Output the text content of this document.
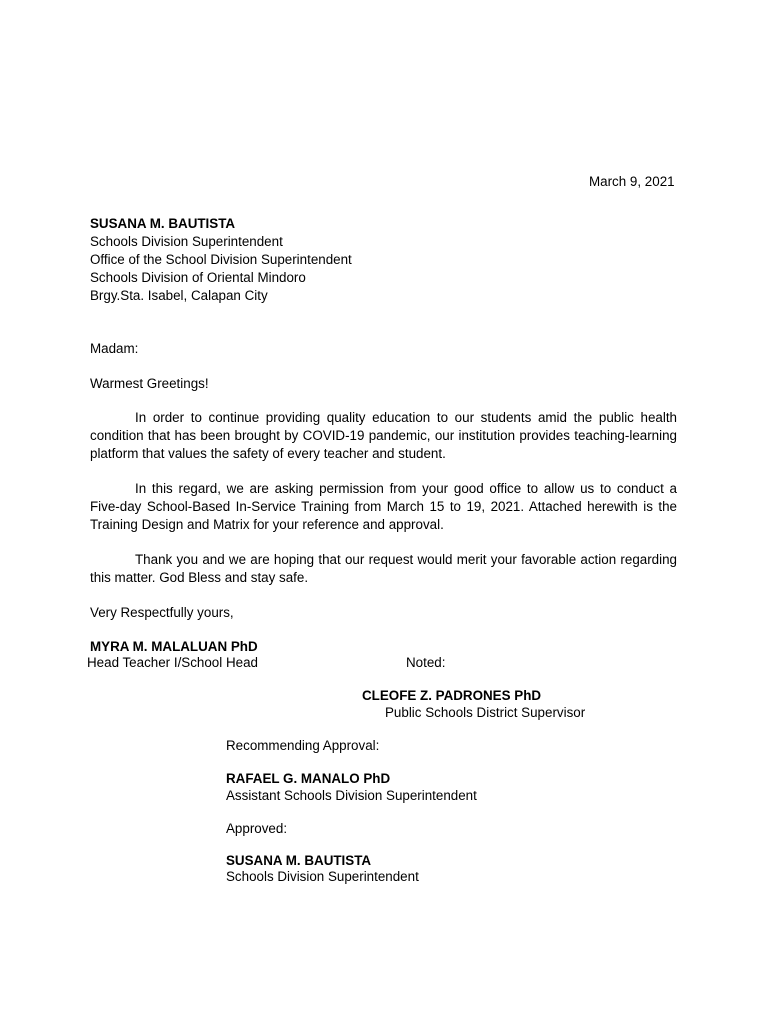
March 9, 2021
SUSANA M. BAUTISTA
Schools Division Superintendent
Office of the School Division Superintendent
Schools Division of Oriental Mindoro
Brgy.Sta. Isabel, Calapan City
Madam:
Warmest Greetings!
In order to continue providing quality education to our students amid the public health condition that has been brought by COVID-19 pandemic, our institution provides teaching-learning platform that values the safety of every teacher and student.
In this regard, we are asking permission from your good office to allow us to conduct a Five-day School-Based In-Service Training from March 15 to 19, 2021. Attached herewith is the Training Design and Matrix for your reference and approval.
Thank you and we are hoping that our request would merit your favorable action regarding this matter. God Bless and stay safe.
Very Respectfully yours,
MYRA M. MALALUAN PhD
Head Teacher I/School Head	Noted:
CLEOFE Z. PADRONES PhD
Public Schools District Supervisor
Recommending Approval:
RAFAEL G. MANALO PhD
Assistant Schools Division Superintendent
Approved:
SUSANA M. BAUTISTA
Schools Division Superintendent
